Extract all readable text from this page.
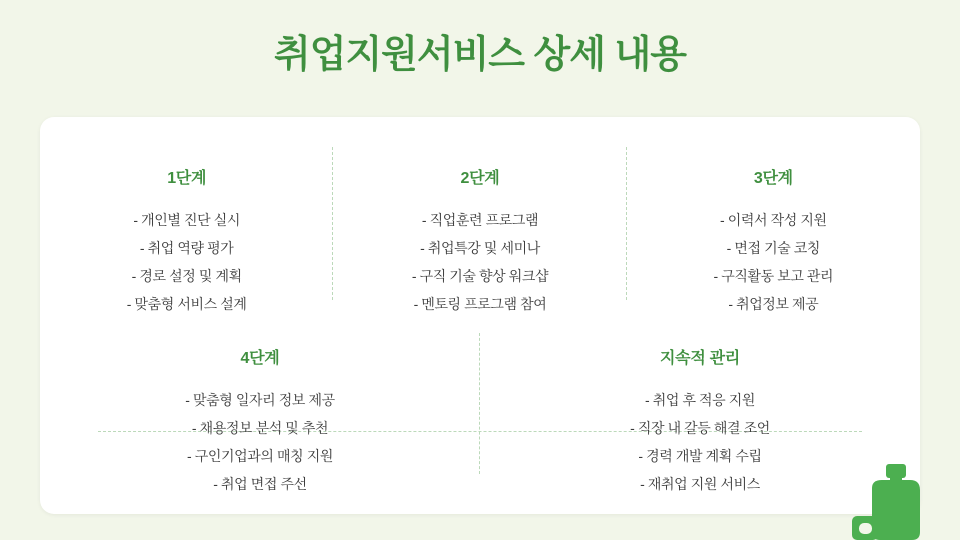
취업지원서비스 상세 내용
1단계
- 개인별 진단 실시
- 취업 역량 평가
- 경로 설정 및 계획
- 맞춤형 서비스 설계
2단계
- 직업훈련 프로그램
- 취업특강 및 세미나
- 구직 기술 향상 워크샵
- 멘토링 프로그램 참여
3단계
- 이력서 작성 지원
- 면접 기술 코칭
- 구직활동 보고 관리
- 취업정보 제공
4단계
- 맞춤형 일자리 정보 제공
- 채용정보 분석 및 추천
- 구인기업과의 매칭 지원
- 취업 면접 주선
지속적 관리
- 취업 후 적응 지원
- 직장 내 갈등 해결 조언
- 경력 개발 계획 수립
- 재취업 지원 서비스
